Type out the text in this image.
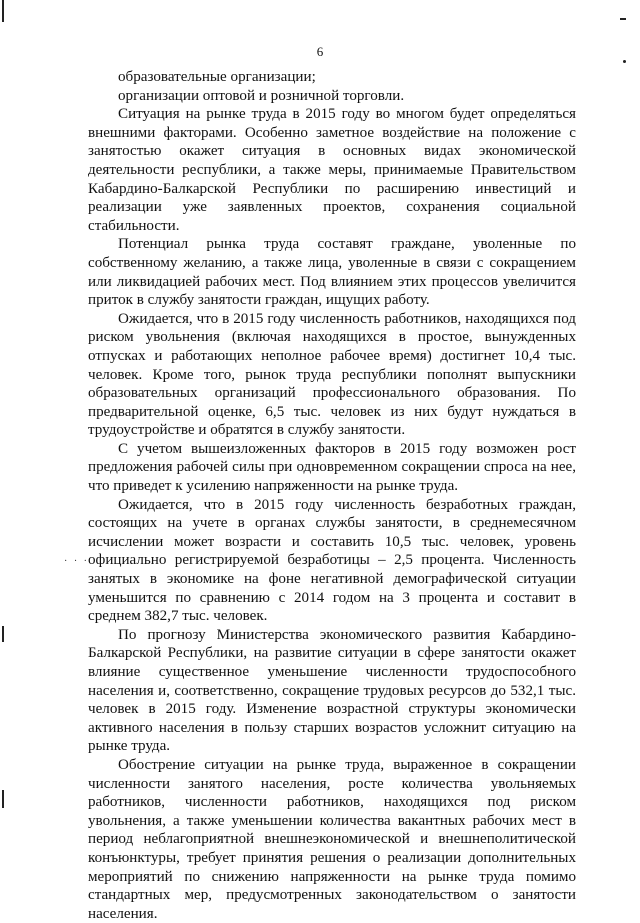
· · ·
6

образовательные организации;

организации оптовой и розничной торговли.

Ситуация на рынке труда в 2015 году во многом будет определяться внешними факторами. Особенно заметное воздействие на положение с занятостью окажет ситуация в основных видах экономической деятельности республики, а также меры, принимаемые Правительством Кабардино-Балкарской Республики по расширению инвестиций и реализации уже заявленных проектов, сохранения социальной стабильности.

Потенциал рынка труда составят граждане, уволенные по собственному желанию, а также лица, уволенные в связи с сокращением или ликвидацией рабочих мест. Под влиянием этих процессов увеличится приток в службу занятости граждан, ищущих работу.

Ожидается, что в 2015 году численность работников, находящихся под риском увольнения (включая находящихся в простое, вынужденных отпусках и работающих неполное рабочее время) достигнет 10,4 тыс. человек. Кроме того, рынок труда республики пополнят выпускники образовательных организаций профессионального образования. По предварительной оценке, 6,5 тыс. человек из них будут нуждаться в трудоустройстве и обратятся в службу занятости.

С учетом вышеизложенных факторов в 2015 году возможен рост предложения рабочей силы при одновременном сокращении спроса на нее, что приведет к усилению напряженности на рынке труда.

Ожидается, что в 2015 году численность безработных граждан, состоящих на учете в органах службы занятости, в среднемесячном исчислении может возрасти и составить 10,5 тыс. человек, уровень официально регистрируемой безработицы – 2,5 процента. Численность занятых в экономике на фоне негативной демографической ситуации уменьшится по сравнению с 2014 годом на 3 процента и составит в среднем 382,7 тыс. человек.

По прогнозу Министерства экономического развития Кабардино-Балкарской Республики, на развитие ситуации в сфере занятости окажет влияние существенное уменьшение численности трудоспособного населения и, соответственно, сокращение трудовых ресурсов до 532,1 тыс. человек в 2015 году. Изменение возрастной структуры экономически активного населения в пользу старших возрастов усложнит ситуацию на рынке труда.

Обострение ситуации на рынке труда, выраженное в сокращении численности занятого населения, росте количества увольняемых работников, численности работников, находящихся под риском увольнения, а также уменьшении количества вакантных рабочих мест в период неблагоприятной внешнеэкономической и внешнеполитической конъюнктуры, требует принятия решения о реализации дополнительных мероприятий по снижению напряженности на рынке труда помимо стандартных мер, предусмотренных законодательством о занятости населения.
